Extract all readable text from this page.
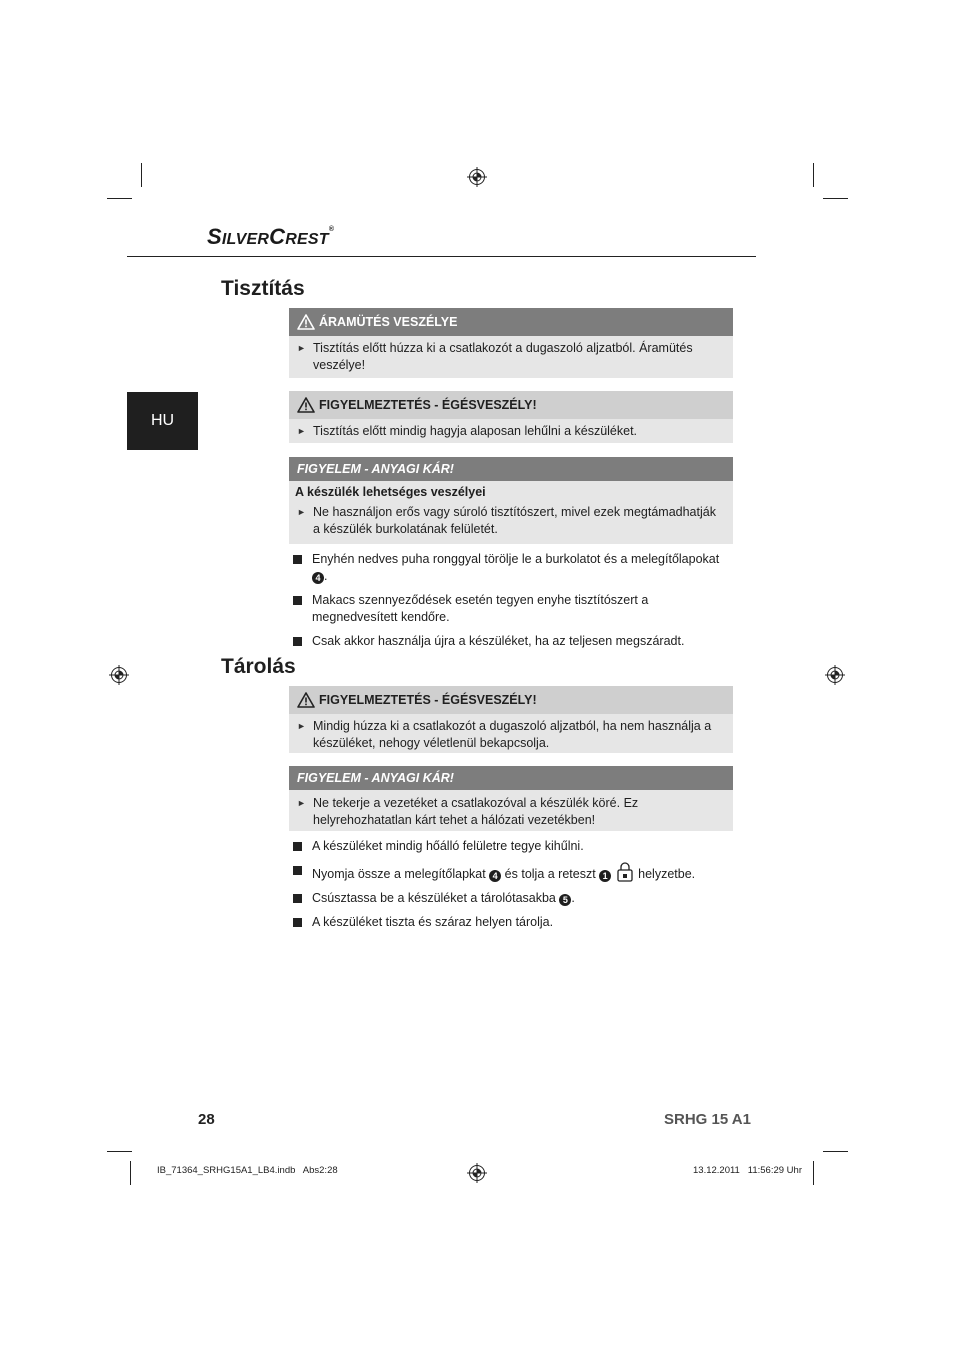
SILVERCREST®
HU
Tisztítás
ÁRAMÜTÉS VESZÉLYE
► Tisztítás előtt húzza ki a csatlakozót a dugaszoló aljzatból. Áramütés veszélye!
FIGYELMEZTETÉS - ÉGÉSVESZÉLY!
► Tisztítás előtt mindig hagyja alaposan lehűlni a készüléket.
FIGYELEM - ANYAGI KÁR!
A készülék lehetséges veszélyei
► Ne használjon erős vagy súroló tisztítószert, mivel ezek megtámadhatják a készülék burkolatának felületét.
Enyhén nedves puha ronggyal törölje le a burkolatot és a melegítőlapokat 4 .
Makacs szennyeződések esetén tegyen enyhe tisztítószert a megnedvesített kendőre.
Csak akkor használja újra a készüléket, ha az teljesen megszáradt.
Tárolás
FIGYELMEZTETÉS - ÉGÉSVESZÉLY!
► Mindig húzza ki a csatlakozót a dugaszoló aljzatból, ha nem használja a készüléket, nehogy véletlenül bekapcsolja.
FIGYELEM - ANYAGI KÁR!
► Ne tekerje a vezetéket a csatlakozóval a készülék köré. Ez helyrehozhatatlan kárt tehet a hálózati vezetékben!
A készüléket mindig hőálló felületre tegye kihűlni.
Nyomja össze a melegítőlapkat 4 és tolja a reteszt 1 helyzetbe.
Csúsztassa be a készüléket a tárolótasakba 5 .
A készüléket tiszta és száraz helyen tárolja.
28	SRHG 15 A1
IB_71364_SRHG15A1_LB4.indb   Abs2:28	13.12.2011   11:56:29 Uhr
